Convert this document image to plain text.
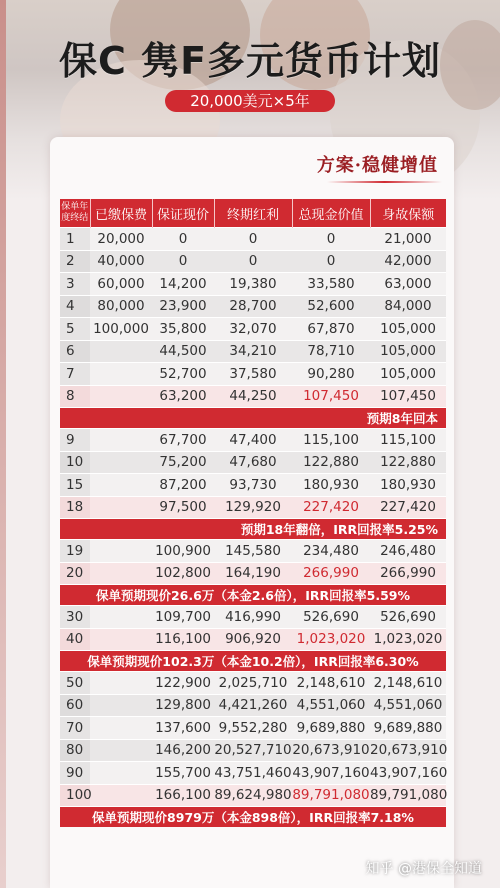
保C 隽F多元货币计划
20,000美元×5年
方案·稳健增值
保单年度终结	已缴保费	保证现价	终期红利	总现金价值	身故保额
1	20,000	0	0	0	21,000
2	40,000	0	0	0	42,000
3	60,000	14,200	19,380	33,580	63,000
4	80,000	23,900	28,700	52,600	84,000
5	100,000	35,800	32,070	67,870	105,000
6		44,500	34,210	78,710	105,000
7		52,700	37,580	90,280	105,000
8		63,200	44,250	107,450	107,450
预期8年回本					
9		67,700	47,400	115,100	115,100
10		75,200	47,680	122,880	122,880
15		87,200	93,730	180,930	180,930
18		97,500	129,920	227,420	227,420
预期18年翻倍，IRR回报率5.25%					
19		100,900	145,580	234,480	246,480
20		102,800	164,190	266,990	266,990
保单预期现价26.6万（本金2.6倍），IRR回报率5.59%					
30		109,700	416,990	526,690	526,690
40		116,100	906,920	1,023,020	1,023,020
保单预期现价102.3万（本金10.2倍），IRR回报率6.30%					
50		122,900	2,025,710	2,148,610	2,148,610
60		129,800	4,421,260	4,551,060	4,551,060
70		137,600	9,552,280	9,689,880	9,689,880
80		146,200	20,527,710	20,673,910	20,673,910
90		155,700	43,751,460	43,907,160	43,907,160
100		166,100	89,624,980	89,791,080	89,791,080
保单预期现价8979万（本金898倍），IRR回报率7.18%					
知乎 @港保全知道
